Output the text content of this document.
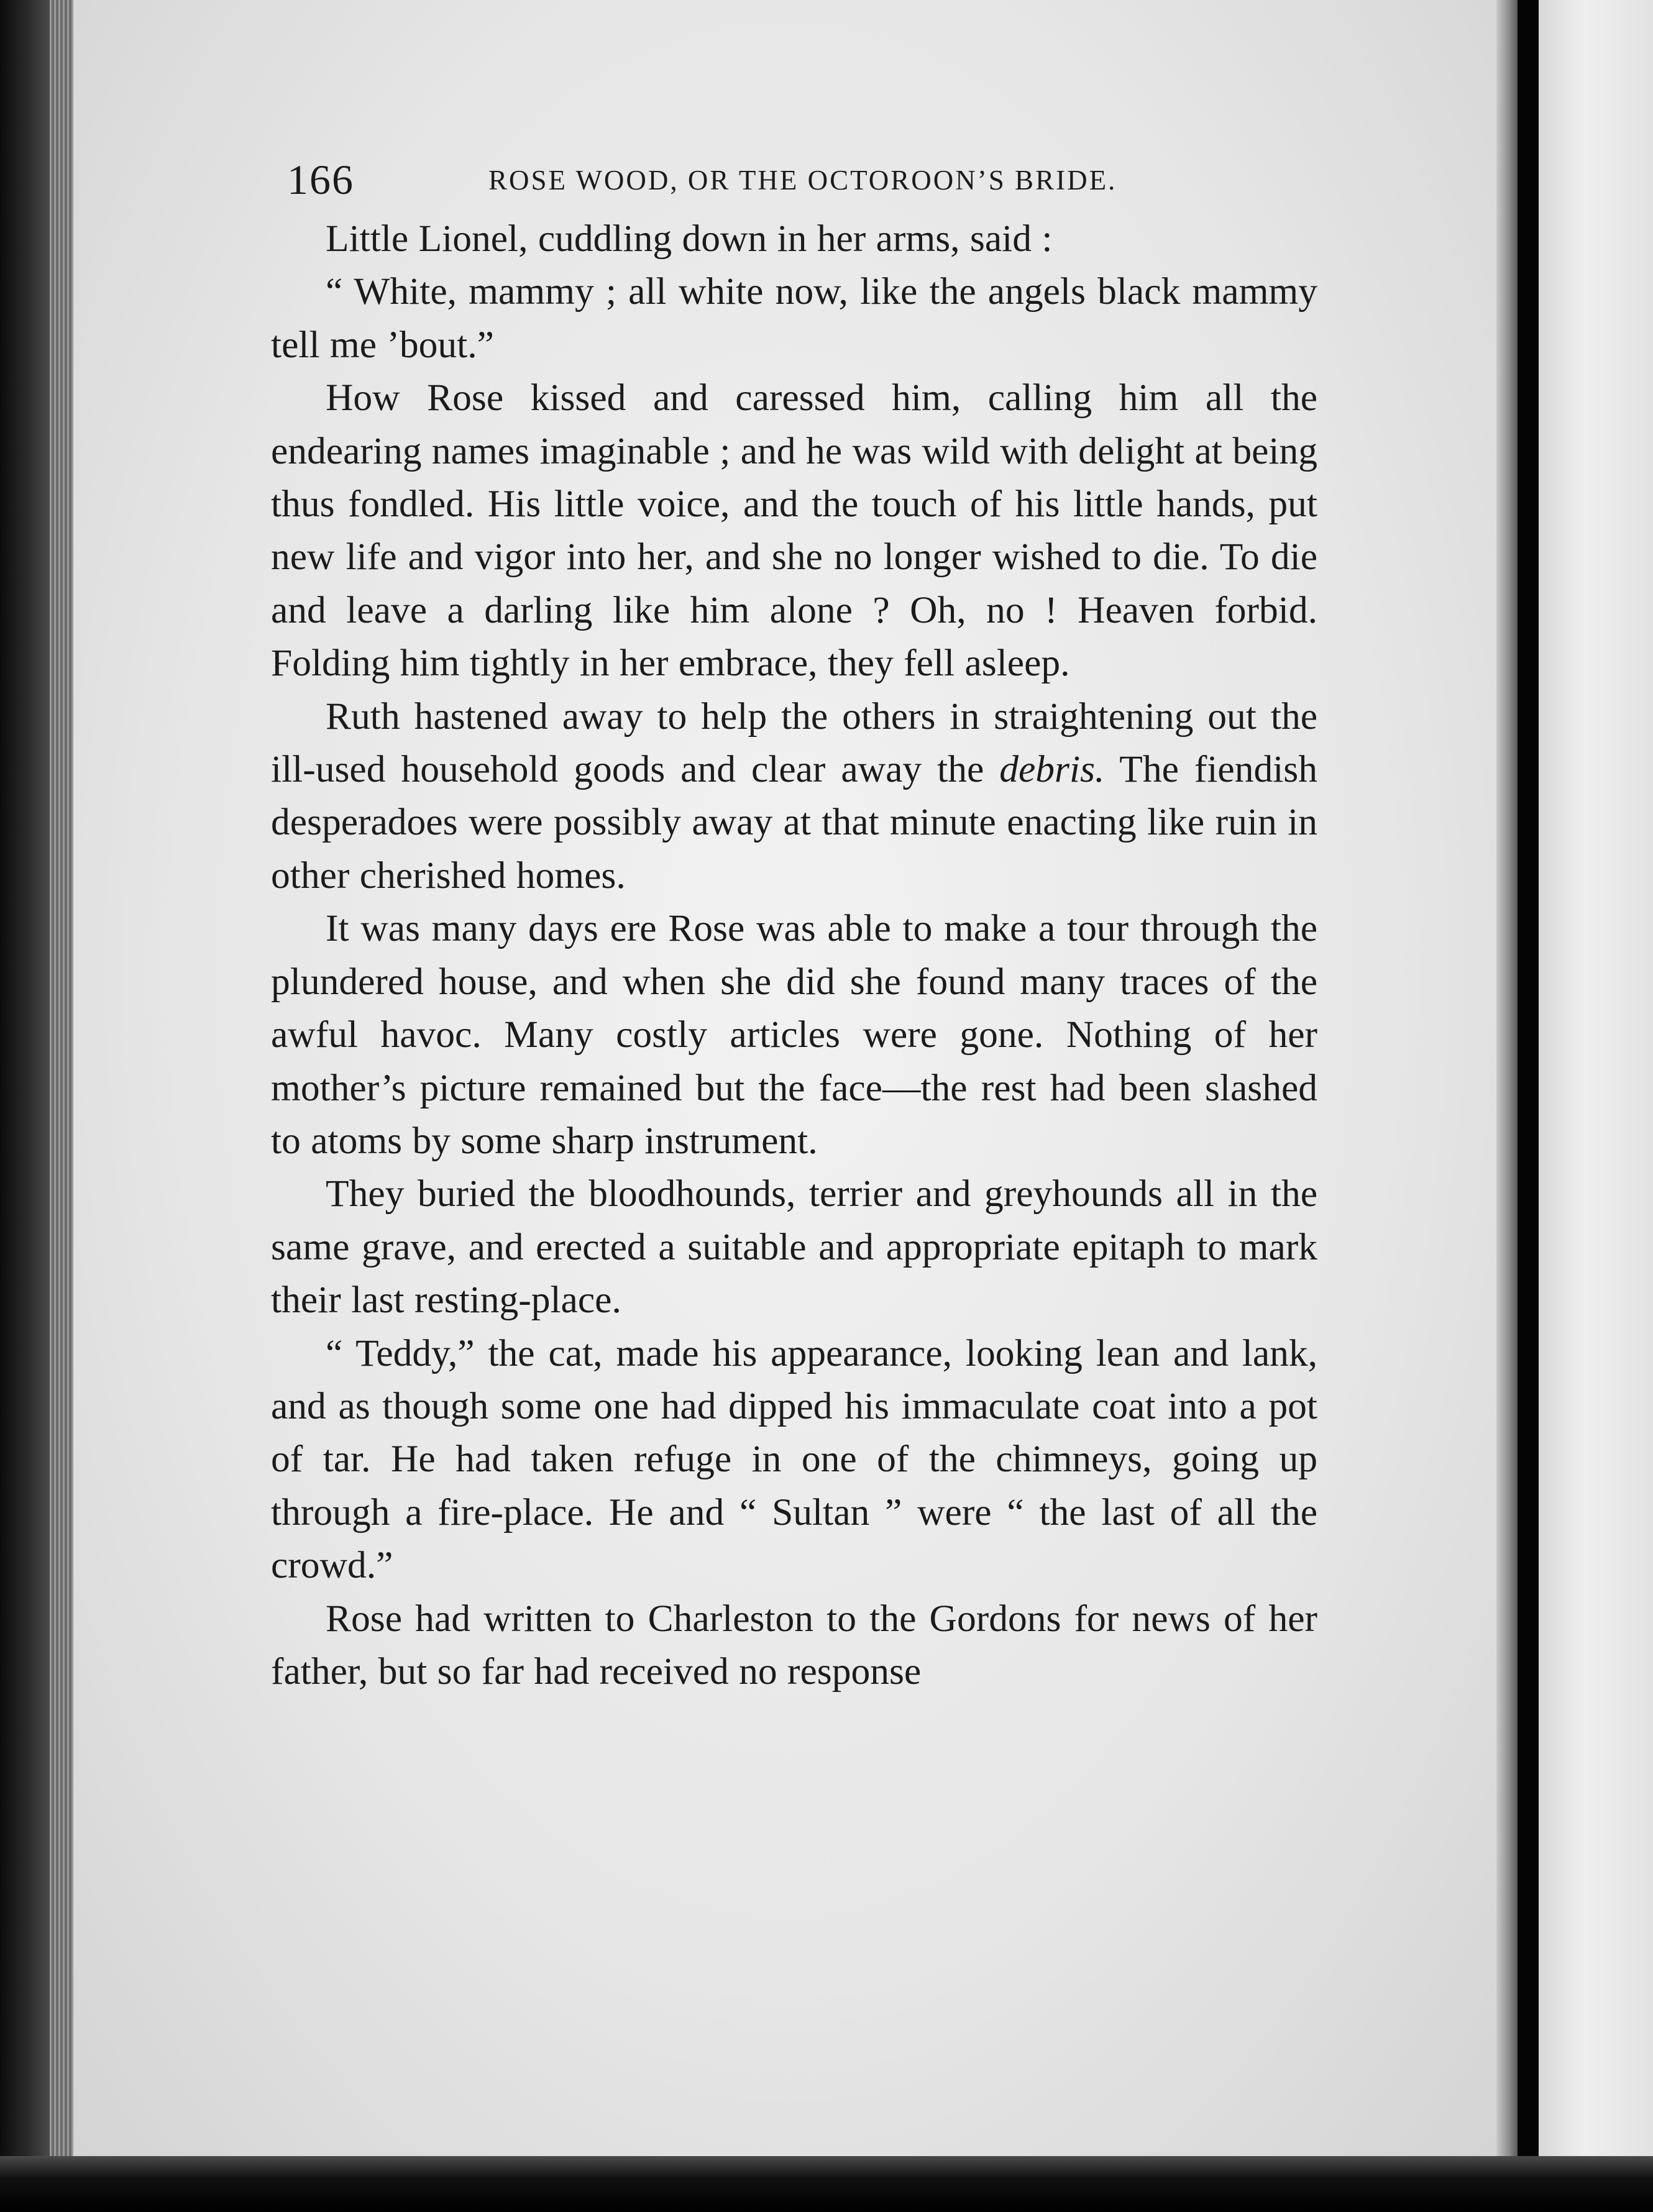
166	ROSE WOOD, OR THE OCTOROON’S BRIDE.

Little Lionel, cuddling down in her arms, said :

“ White, mammy ; all white now, like the angels black mammy tell me ’bout.”

How Rose kissed and caressed him, calling him all the endearing names imaginable ; and he was wild with delight at being thus fondled. His little voice, and the touch of his little hands, put new life and vigor into her, and she no longer wished to die. To die and leave a darling like him alone ? Oh, no ! Heaven forbid. Folding him tightly in her embrace, they fell asleep.

Ruth hastened away to help the others in straightening out the ill-used household goods and clear away the debris. The fiendish desperadoes were possibly away at that minute enacting like ruin in other cherished homes.

It was many days ere Rose was able to make a tour through the plundered house, and when she did she found many traces of the awful havoc. Many costly articles were gone. Nothing of her mother’s picture remained but the face—the rest had been slashed to atoms by some sharp instrument.

They buried the bloodhounds, terrier and greyhounds all in the same grave, and erected a suitable and appropriate epitaph to mark their last resting-place.

“ Teddy,” the cat, made his appearance, looking lean and lank, and as though some one had dipped his immaculate coat into a pot of tar. He had taken refuge in one of the chimneys, going up through a fire-place. He and “ Sultan ” were “ the last of all the crowd.”

Rose had written to Charleston to the Gordons for news of her father, but so far had received no response
